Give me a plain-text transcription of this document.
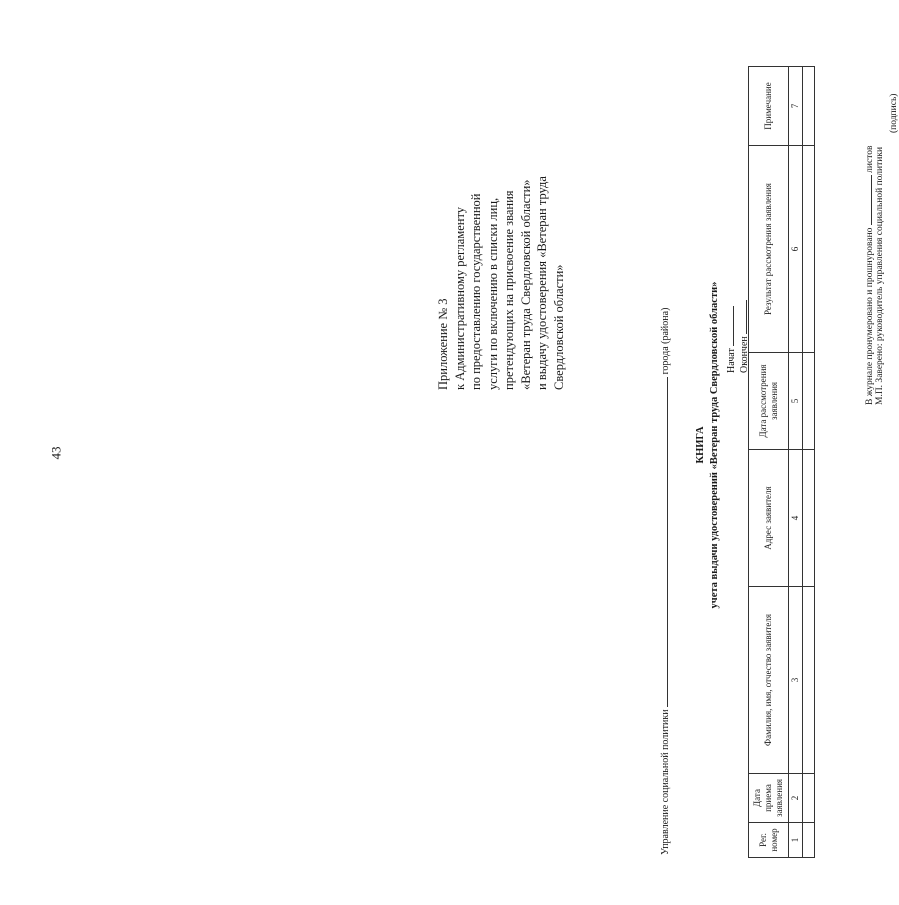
43
Приложение № 3 к Административному регламенту по предоставлению государственной услуги по включению в списки лиц, претендующих на присвоение звания «Ветеран труда Свердловской области» и выдачу удостоверения «Ветеран труда Свердловской области»
Управление социальной политики  города (района)
КНИГА учета выдачи удостоверений «Ветеран труда Свердловской области» Начат Окончен
Рег. номер	Дата приема заявления	Фамилия, имя, отчество заявителя	Адрес заявителя	Дата рассмотрения заявления	Результат рассмотрения заявления	Примечание
1	2	3	4	5	6	7

В журнале пронумеровано и прошнуровано  листов М.П. Заверено: руководитель управления социальной политики
(подпись)
